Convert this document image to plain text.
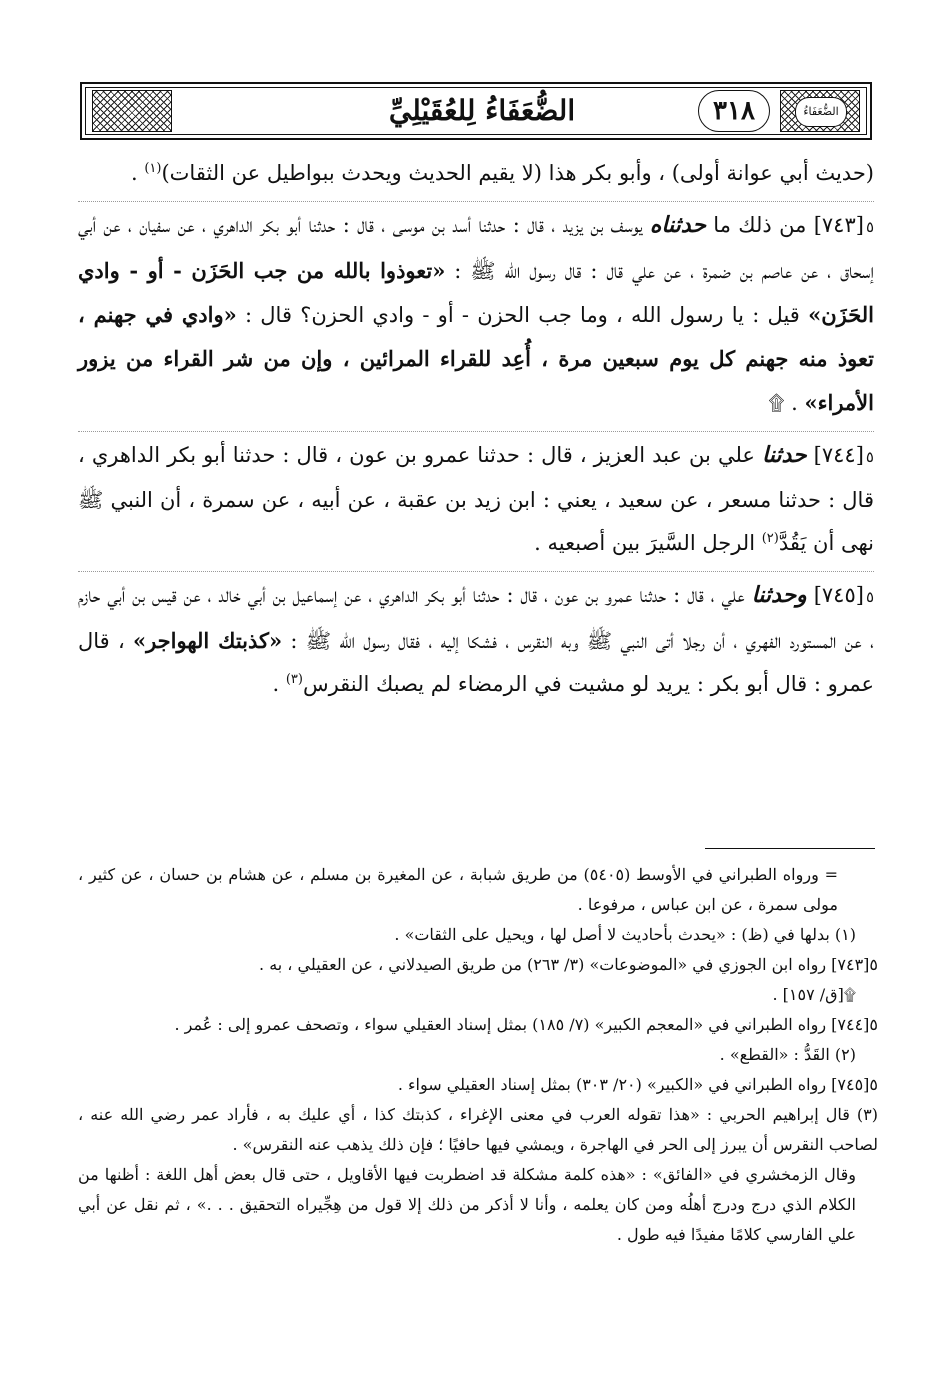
الضُّعَفَاءُ
٣١٨
الضُّعَفَاءُ لِلعُقَيْلِيِّ

(حديث أبي عوانة أولى) ، وأبو بكر هذا (لا يقيم الحديث ويحدث ببواطيل عن الثقات)$^{(١)}$ .

٥[٧٤٣] من ذلك ما حدثناه يوسف بن يزيد ، قال : حدثنا أسد بن موسى ، قال : حدثنا أبو بكر الداهري ، عن سفيان ، عن أبي إسحاق ، عن عاصم بن ضمرة ، عن علي قال : قال رسول الله ﷺ : «تعوذوا بالله من جب الحَزَن - أو - وادي الحَزَن» قيل : يا رسول الله ، وما جب الحزن - أو - وادي الحزن؟ قال : «وادي في جهنم ، تعوذ منه جهنم كل يوم سبعين مرة ، أُعِد للقراء المرائين ، وإن من شر القراء من يزور الأمراء» . ۩

٥[٧٤٤] حدثنا علي بن عبد العزيز ، قال : حدثنا عمرو بن عون ، قال : حدثنا أبو بكر الداهري ، قال : حدثنا مسعر ، عن سعيد ، يعني : ابن زيد بن عقبة ، عن أبيه ، عن سمرة ، أن النبي ﷺ نهى أن يَقُدَّ$^{(٢)}$ الرجل السَّيرَ بين أصبعيه .

٥[٧٤٥] وحدثنا علي ، قال : حدثنا عمرو بن عون ، قال : حدثنا أبو بكر الداهري ، عن إسماعيل بن أبي خالد ، عن قيس بن أبي حازم ، عن المستورد الفهري ، أن رجلا أتى النبي ﷺ وبه النقرس ، فشكا إليه ، فقال رسول الله ﷺ : «كذبتك الهواجر» ، قال عمرو : قال أبو بكر : يريد لو مشيت في الرمضاء لم يصبك النقرس$^{(٣)}$ .

= ورواه الطبراني في الأوسط (٥٤٠٥) من طريق شبابة ، عن المغيرة بن مسلم ، عن هشام بن حسان ، عن كثير ، مولى سمرة ، عن ابن عباس ، مرفوعا .

(١) بدلها في (ظ) : «يحدث بأحاديث لا أصل لها ، ويحيل على الثقات» .

٥[٧٤٣] رواه ابن الجوزي في «الموضوعات» (٣/ ٢٦٣) من طريق الصيدلاني ، عن العقيلي ، به .

۩[ق/ ١٥٧] .

٥[٧٤٤] رواه الطبراني في «المعجم الكبير» (٧/ ١٨٥) بمثل إسناد العقيلي سواء ، وتصحف عمرو إلى : عُمر .

(٢) القَدُّ : «القطع» .

٥[٧٤٥] رواه الطبراني في «الكبير» (٢٠/ ٣٠٣) بمثل إسناد العقيلي سواء .

(٣) قال إبراهيم الحربي : «هذا تقوله العرب في معنى الإغراء ، كذبتك كذا ، أي عليك به ، فأراد عمر رضي الله عنه ، لصاحب النقرس أن يبرز إلى الحر في الهاجرة ، ويمشي فيها حافيًا ؛ فإن ذلك يذهب عنه النقرس» .

وقال الزمخشري في «الفائق» : «هذه كلمة مشكلة قد اضطربت فيها الأقاويل ، حتى قال بعض أهل اللغة : أظنها من الكلام الذي درج ودرج أهلُه ومن كان يعلمه ، وأنا لا أذكر من ذلك إلا قول من هِجِّيراه التحقيق . . .» ، ثم نقل عن أبي علي الفارسي كلامًا مفيدًا فيه طول .
